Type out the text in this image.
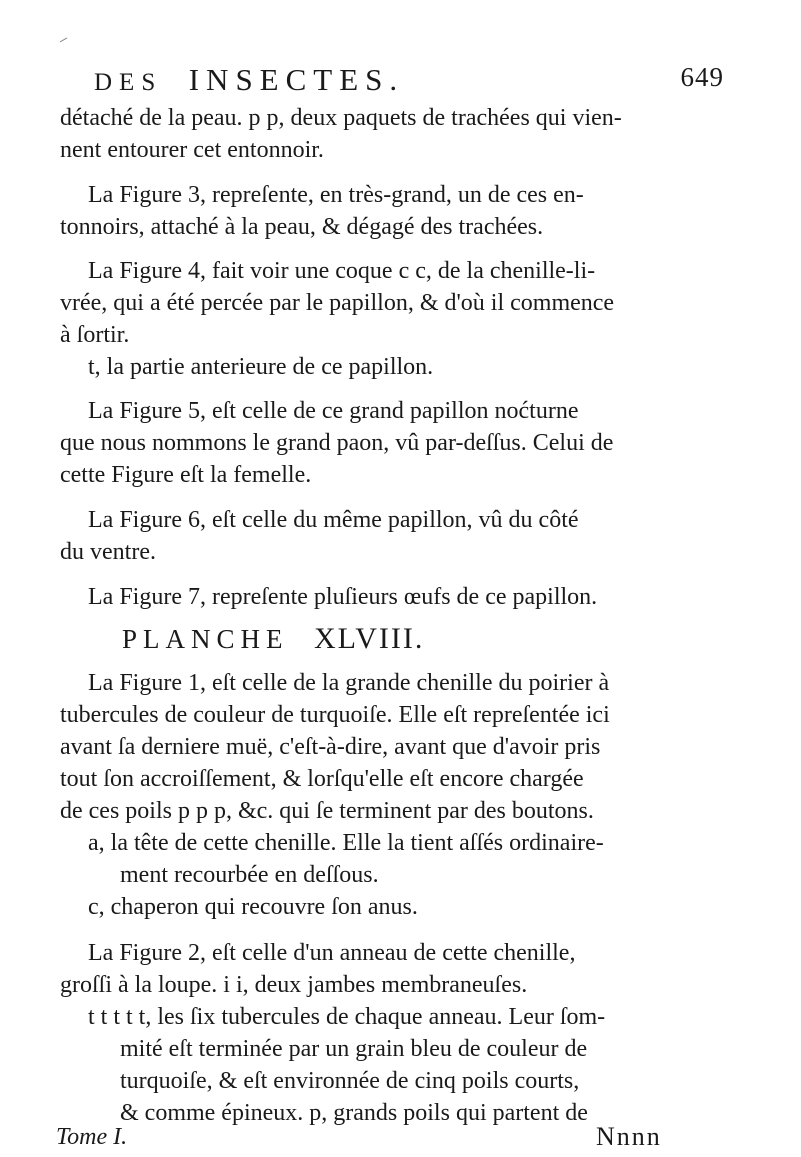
DES INSECTES.	649
détaché de la peau. p p, deux paquets de trachées qui vien-
nent entourer cet entonnoir.
La Figure 3, repreſente, en très-grand, un de ces en-
tonnoirs, attaché à la peau, & dégagé des trachées.
La Figure 4, fait voir une coque c c, de la chenille-li-
vrée, qui a été percée par le papillon, & d'où il commence
à ſortir.
t, la partie anterieure de ce papillon.
La Figure 5, eſt celle de ce grand papillon noćturne
que nous nommons le grand paon, vû par-deſſus. Celui de
cette Figure eſt la femelle.
La Figure 6, eſt celle du même papillon, vû du côté
du ventre.
La Figure 7, repreſente pluſieurs œufs de ce papillon.
PLANCHE XLVIII.
La Figure 1, eſt celle de la grande chenille du poirier à
tubercules de couleur de turquoiſe. Elle eſt repreſentée ici
avant ſa derniere muë, c'eſt-à-dire, avant que d'avoir pris
tout ſon accroiſſement, & lorſqu'elle eſt encore chargée
de ces poils p p p, &c. qui ſe terminent par des boutons.
a, la tête de cette chenille. Elle la tient aſſés ordinaire-
ment recourbée en deſſous.
c, chaperon qui recouvre ſon anus.
La Figure 2, eſt celle d'un anneau de cette chenille,
groſſi à la loupe. i i, deux jambes membraneuſes.
t t t t t, les ſix tubercules de chaque anneau. Leur ſom-
mité eſt terminée par un grain bleu de couleur de
turquoiſe, & eſt environnée de cinq poils courts,
& comme épineux. p, grands poils qui partent de
Tome I.	Nnnn
